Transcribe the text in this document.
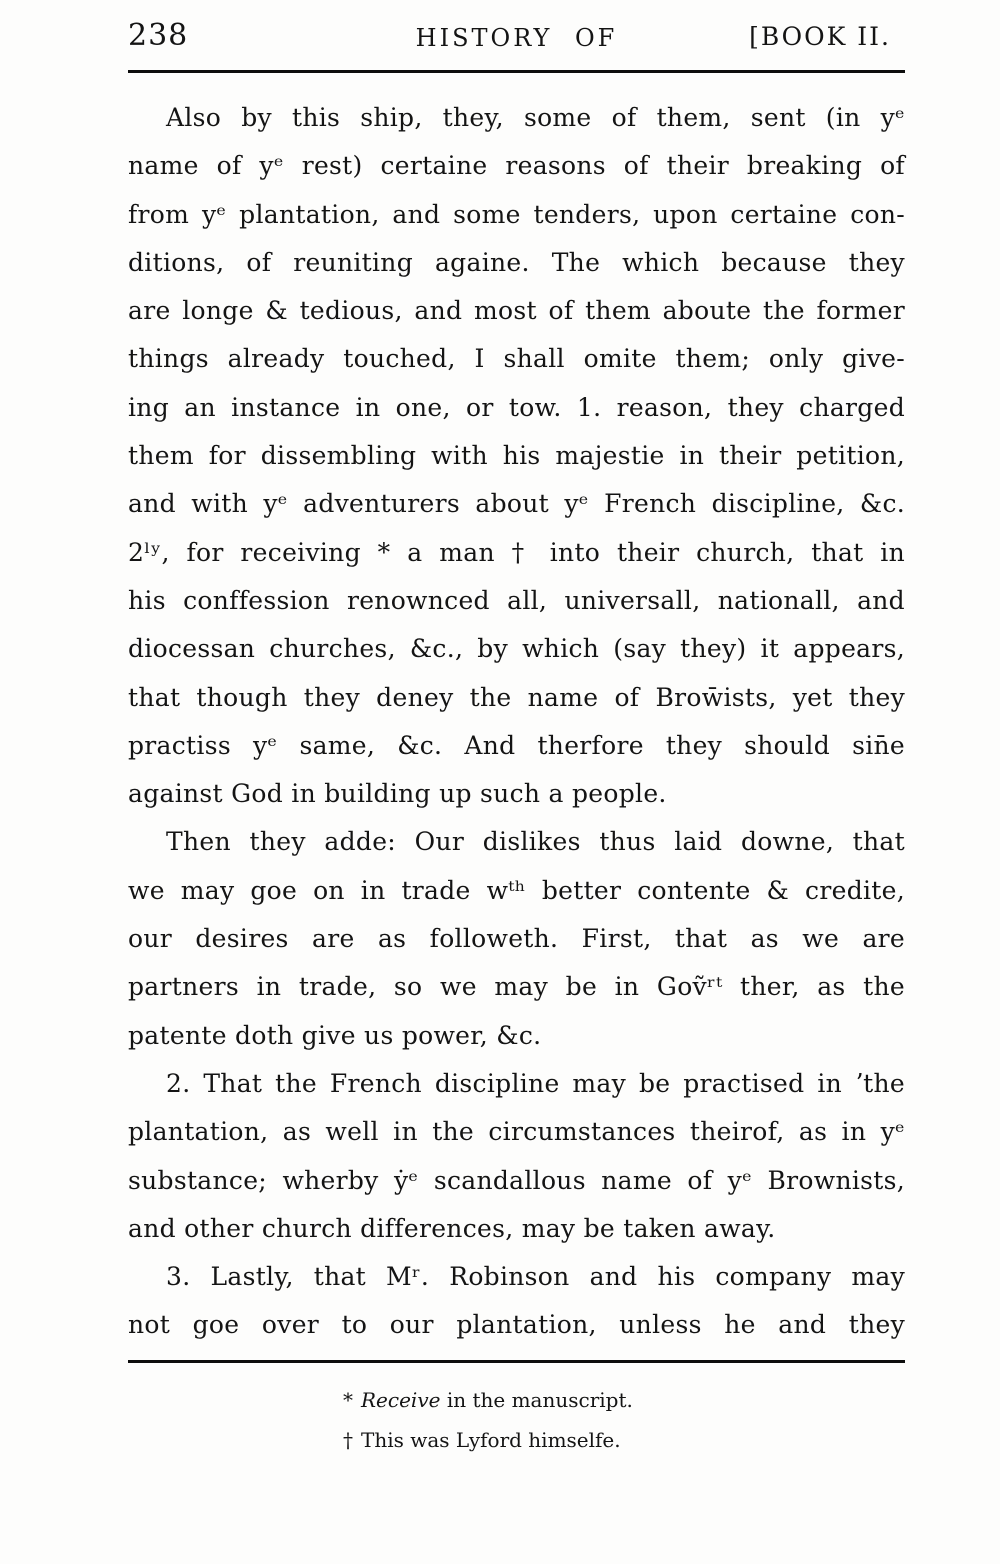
238	HISTORY OF	[BOOK II.
Also by this ship, they, some of them, sent (in yᵉ
name of yᵉ rest) certaine reasons of their breaking of
from yᵉ plantation, and some tenders, upon certaine con-
ditions, of reuniting againe. The which because they
are longe & tedious, and most of them aboute the former
things already touched, I shall omite them; only give-
ing an instance in one, or tow. 1. reason, they charged
them for dissembling with his majestie in their petition,
and with yᵉ adventurers about yᵉ French discipline, &c.
2ˡʸ, for receiving * a man † into their church, that in
his conffession renownced all, universall, nationall, and
diocessan churches, &c., by which (say they) it appears,
that though they deney the name of Brow̄ists, yet they
practiss yᵉ same, &c. And therfore they should sin̄e
against God in building up such a people.
Then they adde: Our dislikes thus laid downe, that
we may goe on in trade wᵗʰ better contente & credite,
our desires are as followeth. First, that as we are
partners in trade, so we may be in Goṽʳᵗ ther, as the
patente doth give us power, &c.
2. That the French discipline may be practised in ʼthe
plantation, as well in the circumstances theirof, as in yᵉ
substance; wherby ẏᵉ scandallous name of yᵉ Brownists,
and other church differences, may be taken away.
3. Lastly, that Mʳ. Robinson and his company may
not goe over to our plantation, unless he and they
* Receive in the manuscript.
† This was Lyford himselfe.
